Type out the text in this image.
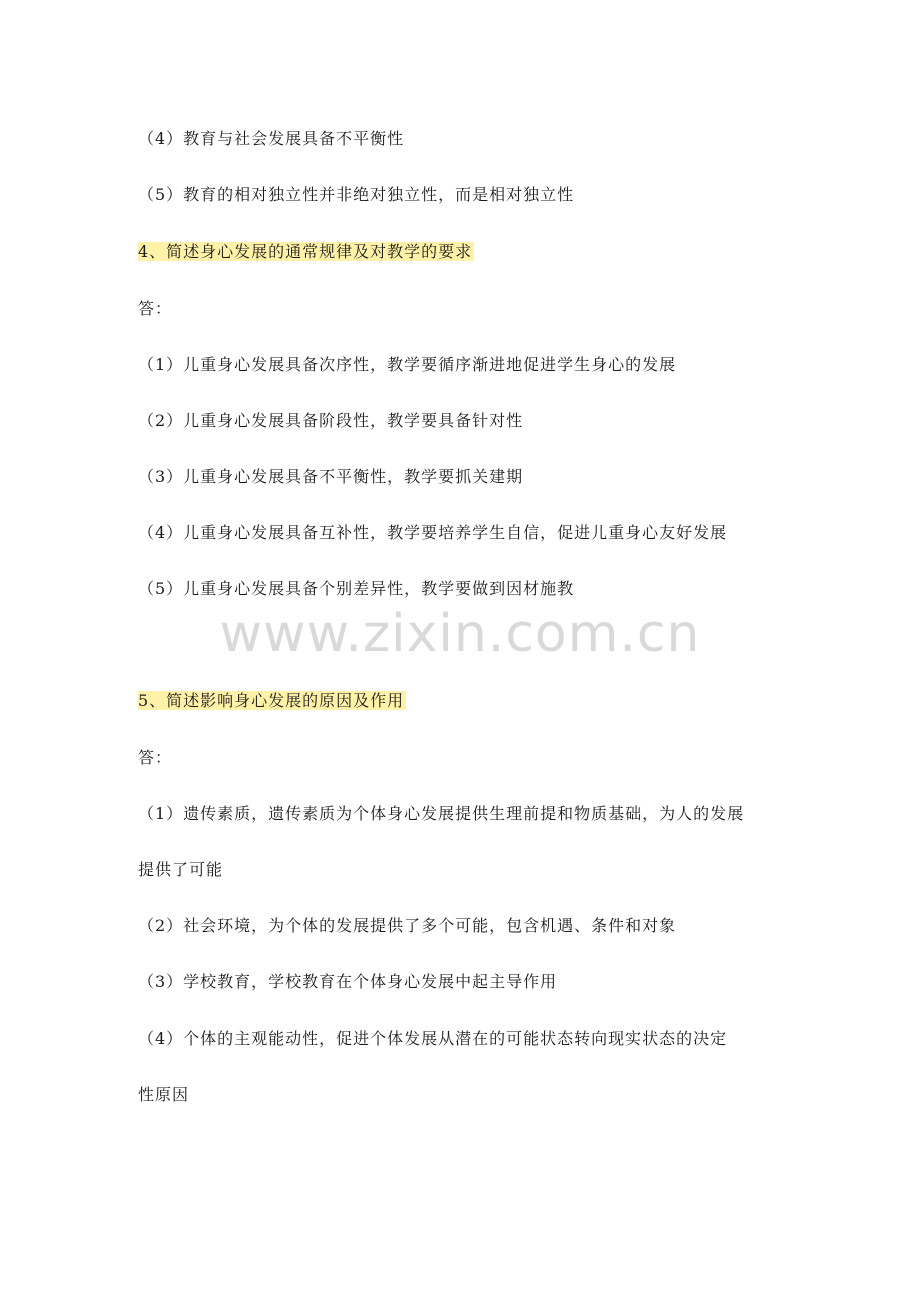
（4）教育与社会发展具备不平衡性
（5）教育的相对独立性并非绝对独立性，而是相对独立性
4、简述身心发展的通常规律及对教学的要求
答：
（1）儿重身心发展具备次序性，教学要循序渐进地促进学生身心的发展
（2）儿重身心发展具备阶段性，教学要具备针对性
（3）儿重身心发展具备不平衡性，教学要抓关建期
（4）儿重身心发展具备互补性，教学要培养学生自信，促进儿重身心友好发展
（5）儿重身心发展具备个别差异性，教学要做到因材施教
www.zixin.com.cn
5、简述影响身心发展的原因及作用
答：
（1）遗传素质，遗传素质为个体身心发展提供生理前提和物质基础，为人的发展
提供了可能
（2）社会环境，为个体的发展提供了多个可能，包含机遇、条件和对象
（3）学校教育，学校教育在个体身心发展中起主导作用
（4）个体的主观能动性，促进个体发展从潜在的可能状态转向现实状态的决定
性原因
